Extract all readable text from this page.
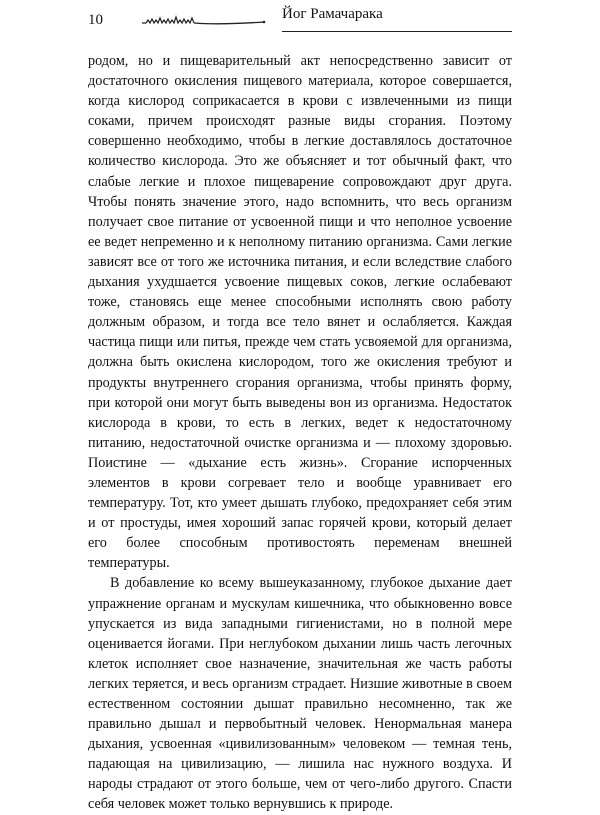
10	Йог Рамачарака

родом, но и пищеварительный акт непосредственно зависит от достаточного окисления пищевого материала, которое совершается, когда кислород соприкасается в крови с извлеченными из пищи соками, причем происходят разные виды сгорания. Поэтому совершенно необходимо, чтобы в легкие доставлялось достаточное количество кислорода. Это же объясняет и тот обычный факт, что слабые легкие и плохое пищеварение сопровождают друг друга. Чтобы понять значение этого, надо вспомнить, что весь организм получает свое питание от усвоенной пищи и что неполное усвоение ее ведет непременно и к неполному питанию организма. Сами легкие зависят все от того же источника питания, и если вследствие слабого дыхания ухудшается усвоение пищевых соков, легкие ослабевают тоже, становясь еще менее способными исполнять свою работу должным образом, и тогда все тело вянет и ослабляется. Каждая частица пищи или питья, прежде чем стать усвояемой для организма, должна быть окислена кислородом, того же окисления требуют и продукты внутреннего сгорания организма, чтобы принять форму, при которой они могут быть выведены вон из организма. Недостаток кислорода в крови, то есть в легких, ведет к недостаточному питанию, недостаточной очистке организма и — плохому здоровью. Поистине — «дыхание есть жизнь». Сгорание испорченных элементов в крови согревает тело и вообще уравнивает его температуру. Тот, кто умеет дышать глубоко, предохраняет себя этим и от простуды, имея хороший запас горячей крови, который делает его более способным противостоять переменам внешней температуры.

В добавление ко всему вышеуказанному, глубокое дыхание дает упражнение органам и мускулам кишечника, что обыкновенно вовсе упускается из вида западными гигиенистами, но в полной мере оценивается йогами. При неглубоком дыхании лишь часть легочных клеток исполняет свое назначение, значительная же часть работы легких теряется, и весь организм страдает. Низшие животные в своем естественном состоянии дышат правильно несомненно, так же правильно дышал и первобытный человек. Ненормальная манера дыхания, усвоенная «цивилизованным» человеком — темная тень, падающая на цивилизацию, — лишила нас нужного воздуха. И народы страдают от этого больше, чем от чего-либо другого. Спасти себя человек может только вернувшись к природе.
